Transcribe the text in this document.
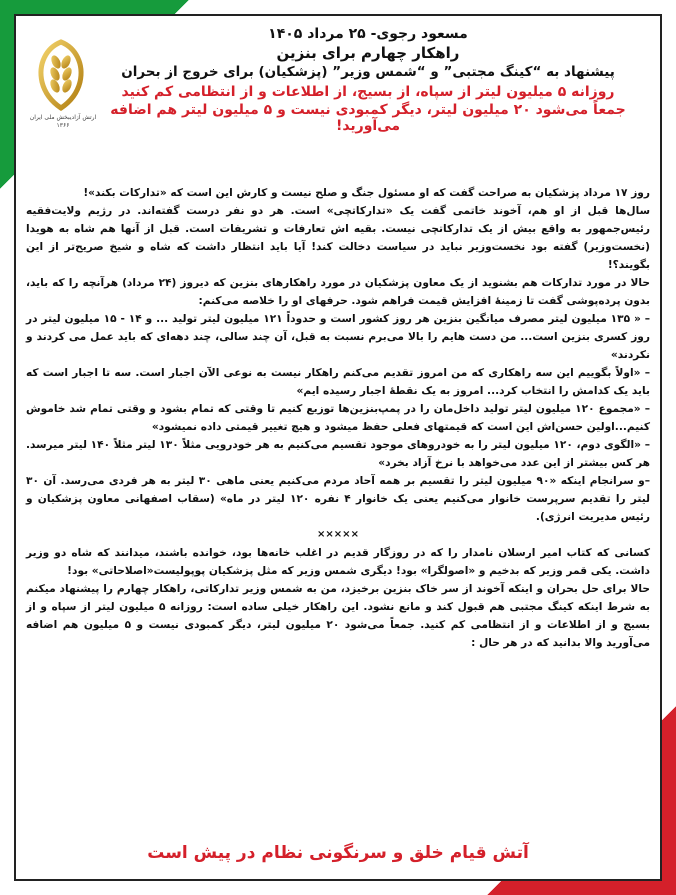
ارتش آزادیبخش ملی ایران ۱۳۶۶
مسعود رجوی- ۲۵ مرداد ۱۴۰۵
راهکار چهارم برای بنزین
پیشنهاد به “کینگ مجتبی” و “شمس وزیر” (پزشکیان) برای خروج از بحران
روزانه ۵ میلیون لیتر از سپاه، از بسیج، از اطلاعات و از انتظامی کم کنید
جمعاً می‌شود ۲۰ میلیون لیتر، دیگر کمبودی نیست و ۵ میلیون لیتر هم اضافه می‌آورید!

روز ۱۷ مرداد پزشکیان به صراحت گفت که او مسئول جنگ و صلح نیست و کارش این است که «تدارکات بکند»!

سال‌ها قبل از او هم، آخوند خاتمی گفت یک «تدارکاتچی» است. هر دو نفر درست گفته‌اند. در رژیم ولایت‌فقیه رئیس‌جمهور به واقع بیش از یک تدارکاتچی نیست. بقیه اش تعارفات و تشریفات است. قبل از آنها هم شاه به هویدا (نخست‌وزیر) گفته بود نخست‌وزیر نباید در سیاست دخالت کند! آیا باید انتظار داشت که شاه و شیخ صریح‌تر از این بگویند؟!

حالا در مورد تدارکات هم بشنوید از یک معاون پزشکیان در مورد راهکارهای بنزین که دیروز (۲۴ مرداد) هرآنچه را که باید، بدون پرده‌پوشی گفت تا زمینهٔ افزایش قیمت فراهم شود. حرفهای او را خلاصه می‌کنم:

– « ۱۳۵ میلیون لیتر مصرف میانگین بنزین هر روز کشور است و حدوداً ۱۲۱ میلیون لیتر تولید ... و ۱۴ - ۱۵ میلیون لیتر در روز کسری بنزین است... من دست هایم را بالا می‌برم نسبت به قبل، آن چند سالی، چند دهه‌ای که باید عمل می کردند و نکردند»

– «اولاً بگوییم این سه راهکاری که من امروز تقدیم می‌کنم راهکار نیست به نوعی الآن اجبار است. سه تا اجبار است که باید یک کدامش را انتخاب کرد... امروز به یک نقطهٔ اجبار رسیده ایم»

– «مجموع ۱۲۰ میلیون لیتر تولید داخل‌مان را در پمپ‌بنزین‌ها توزیع کنیم تا وقتی که تمام بشود و وقتی تمام شد خاموش کنیم...اولین حسن‌اش این است که قیمتهای فعلی حفظ میشود و هیچ تغییر قیمتی داده نمیشود»

– «الگوی دوم، ۱۲۰ میلیون لیتر را به خودروهای موجود تقسیم می‌کنیم به هر خودرویی مثلاً ۱۳۰ لیتر مثلاً ۱۴۰ لیتر میرسد. هر کس بیشتر از این عدد می‌خواهد با نرخ آزاد بخرد»

–و سرانجام اینکه «۹۰ میلیون لیتر را تقسیم بر همه آحاد مردم می‌کنیم یعنی ماهی ۳۰ لیتر به هر فردی می‌رسد. آن ۳۰ لیتر را تقدیم سرپرست خانوار می‌کنیم یعنی یک خانوار ۴ نفره ۱۲۰ لیتر در ماه» (سقاب اصفهانی معاون پزشکیان و رئیس مدیریت انرژی).

×××××

کسانی که کتاب امیر ارسلان نامدار را که در روزگار قدیم در اغلب خانه‌ها بود، خوانده باشند، میدانند که شاه دو وزیر داشت. یکی قمر وزیر که بدخیم و «اصولگرا» بود! دیگری شمس وزیر که مثل پزشکیان پوپولیست«اصلاحاتی» بود!

حالا برای حل بحران و اینکه آخوند از سر خاک بنزین برخیزد، من به شمس وزیر تدارکاتی، راهکار چهارم را پیشنهاد میکنم به شرط اینکه کینگ مجتبی هم قبول کند و مانع نشود. این راهکار خیلی ساده است: روزانه ۵ میلیون لیتر از سپاه و از بسیج و از اطلاعات و از انتظامی کم کنید. جمعاً می‌شود ۲۰ میلیون لیتر، دیگر کمبودی نیست و ۵ میلیون هم اضافه می‌آورید والا بدانید که در هر حال :

آتش قیام خلق و سرنگونی نظام در پیش است
